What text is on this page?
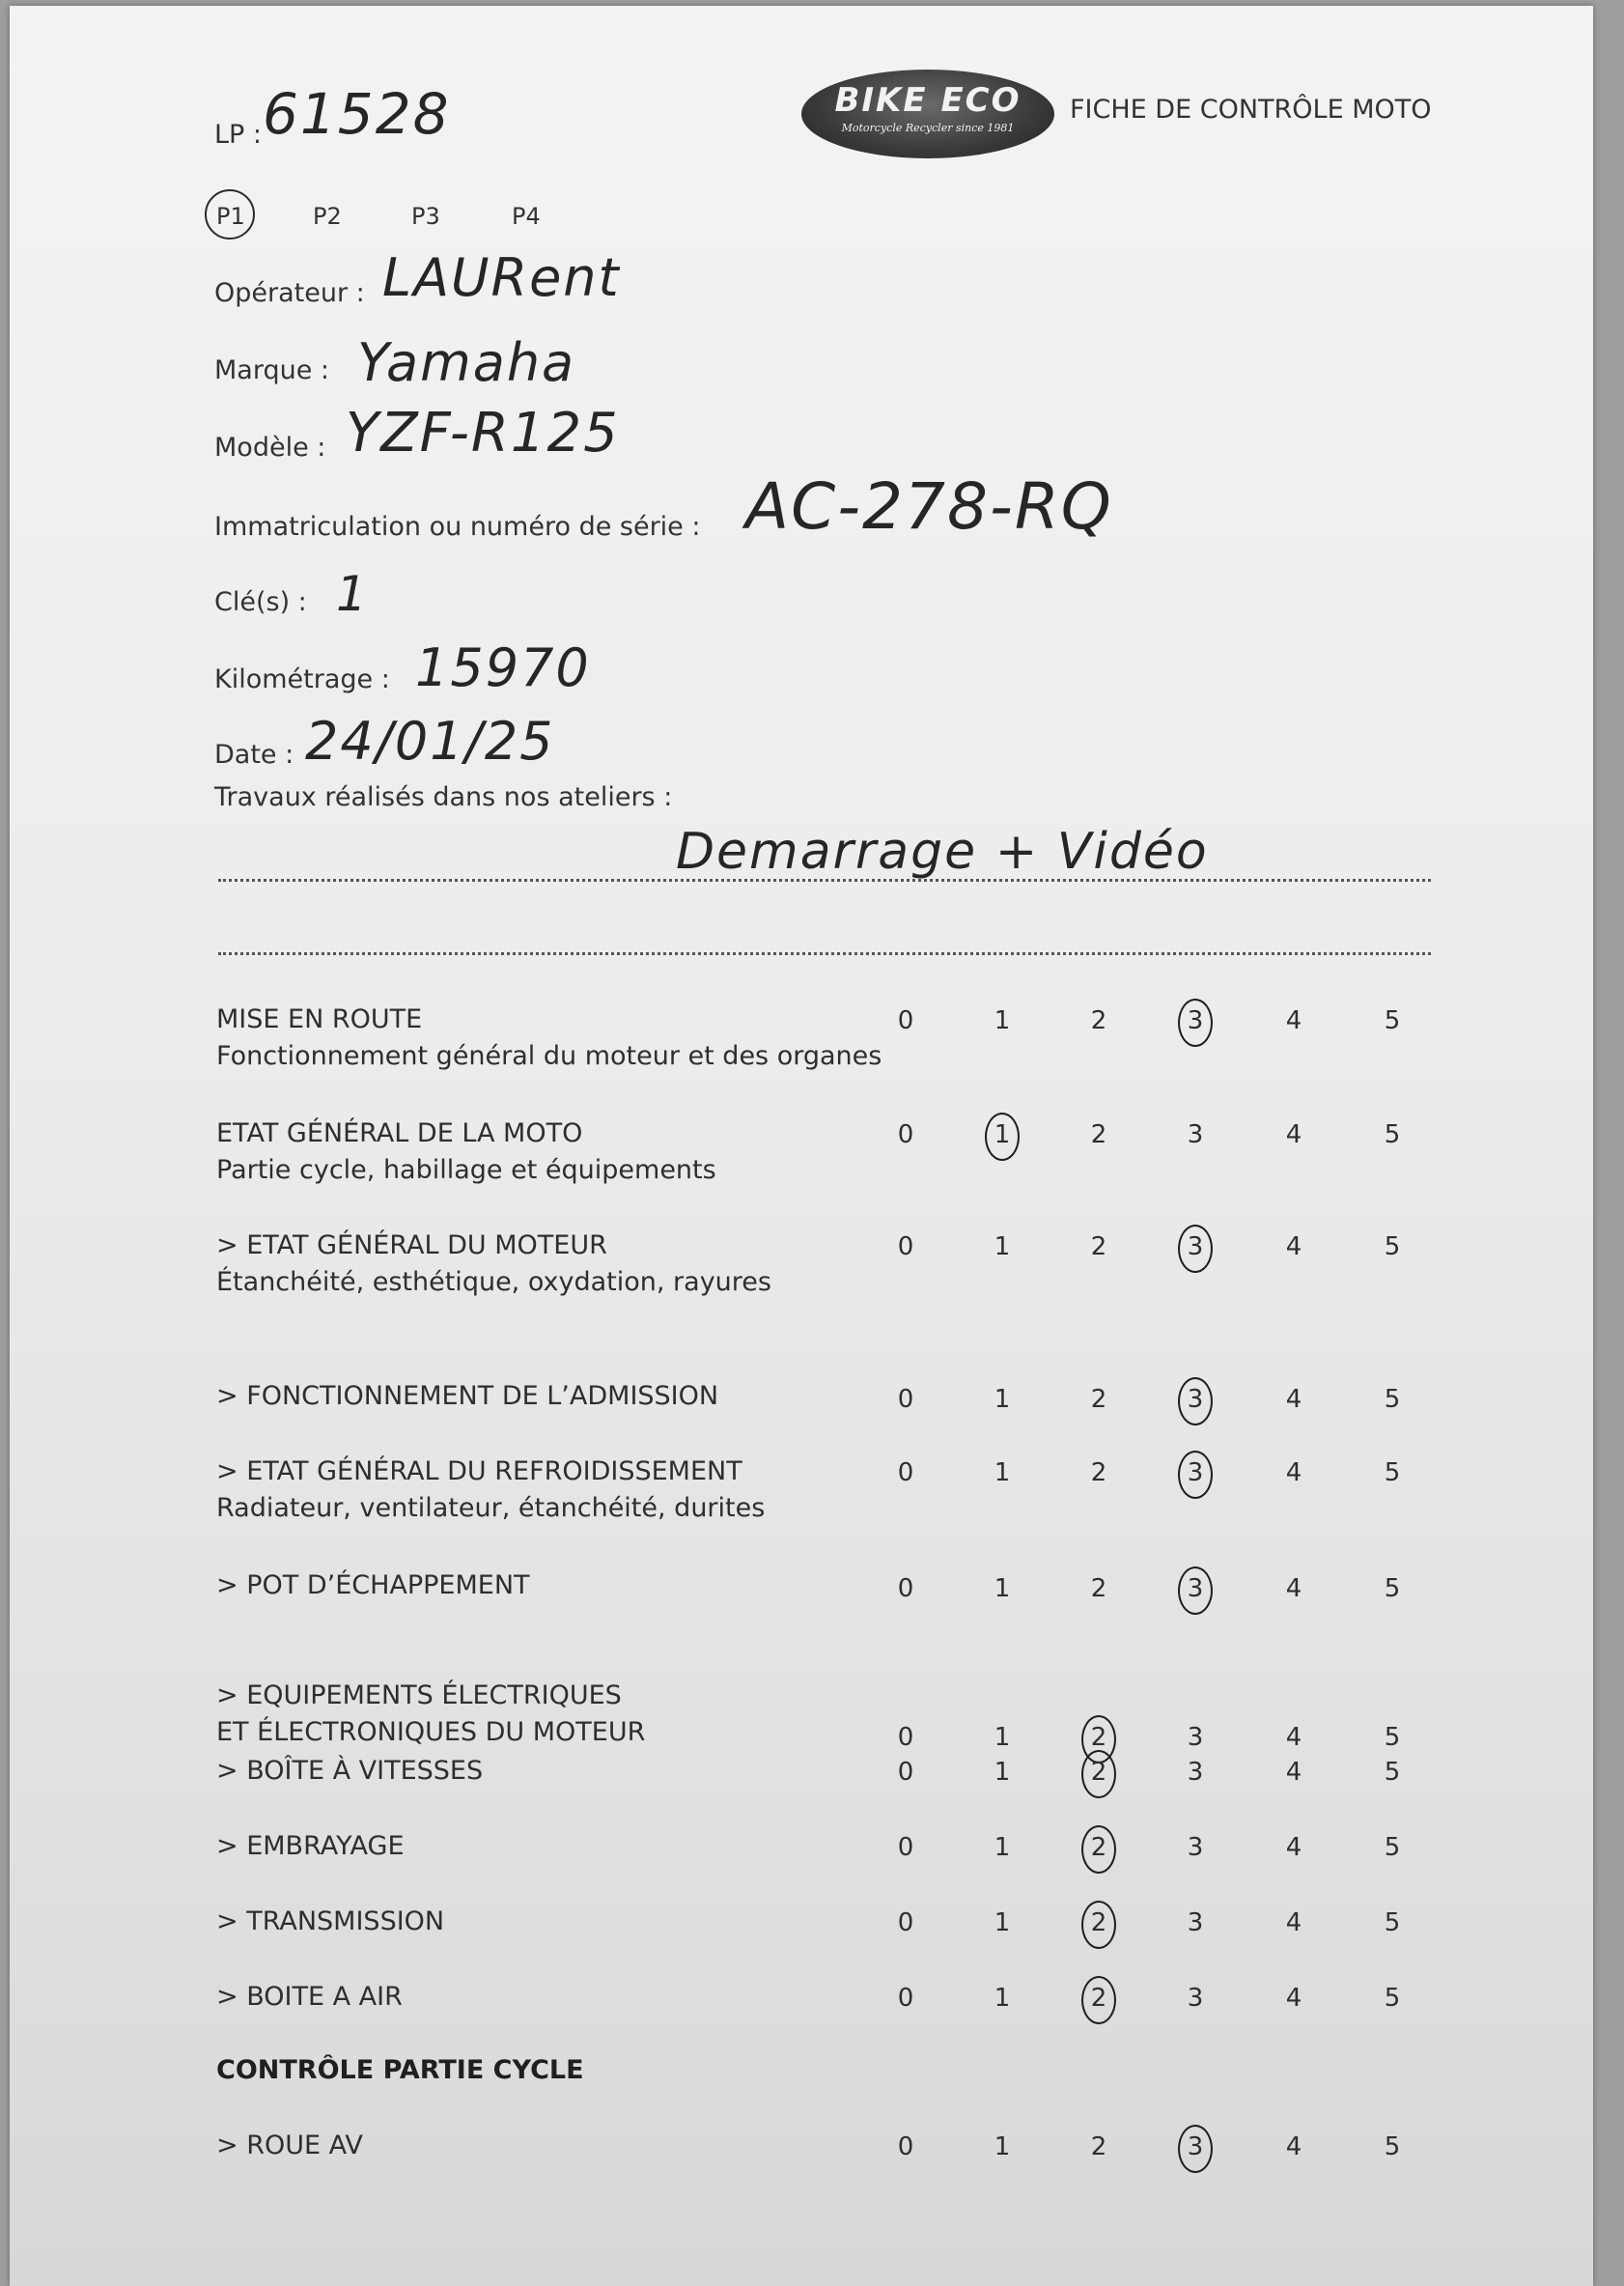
LP : 61528	BIKE ECO
Motorcycle Recycler since 1981
FICHE DE CONTRÔLE MOTO
P1	P2	P3	P4
Opérateur : LAURent
Marque : Yamaha
Modèle : YZF-R125
Immatriculation ou numéro de série : AC-278-RQ
Clé(s) : 1
Kilométrage : 15970
Date : 24/01/25
Travaux réalisés dans nos ateliers :
Demarrage + Vidéo
MISE EN ROUTE
Fonctionnement général du moteur et des organes
0	1	2	3	4	5
ETAT GÉNÉRAL DE LA MOTO
Partie cycle, habillage et équipements
0	1	2	3	4	5
> ETAT GÉNÉRAL DU MOTEUR
Étanchéité, esthétique, oxydation, rayures
0	1	2	3	4	5
> FONCTIONNEMENT DE L’ADMISSION	0	1	2	3	4	5
> ETAT GÉNÉRAL DU REFROIDISSEMENT
Radiateur, ventilateur, étanchéité, durites
0	1	2	3	4	5
> POT D’ÉCHAPPEMENT	0	1	2	3	4	5
> EQUIPEMENTS ÉLECTRIQUES
ET ÉLECTRONIQUES DU MOTEUR	0	1	2	3	4	5
> BOÎTE À VITESSES	0	1	2	3	4	5
> EMBRAYAGE	0	1	2	3	4	5
> TRANSMISSION	0	1	2	3	4	5
> BOITE A AIR	0	1	2	3	4	5
CONTRÔLE PARTIE CYCLE
> ROUE AV	0	1	2	3	4	5
